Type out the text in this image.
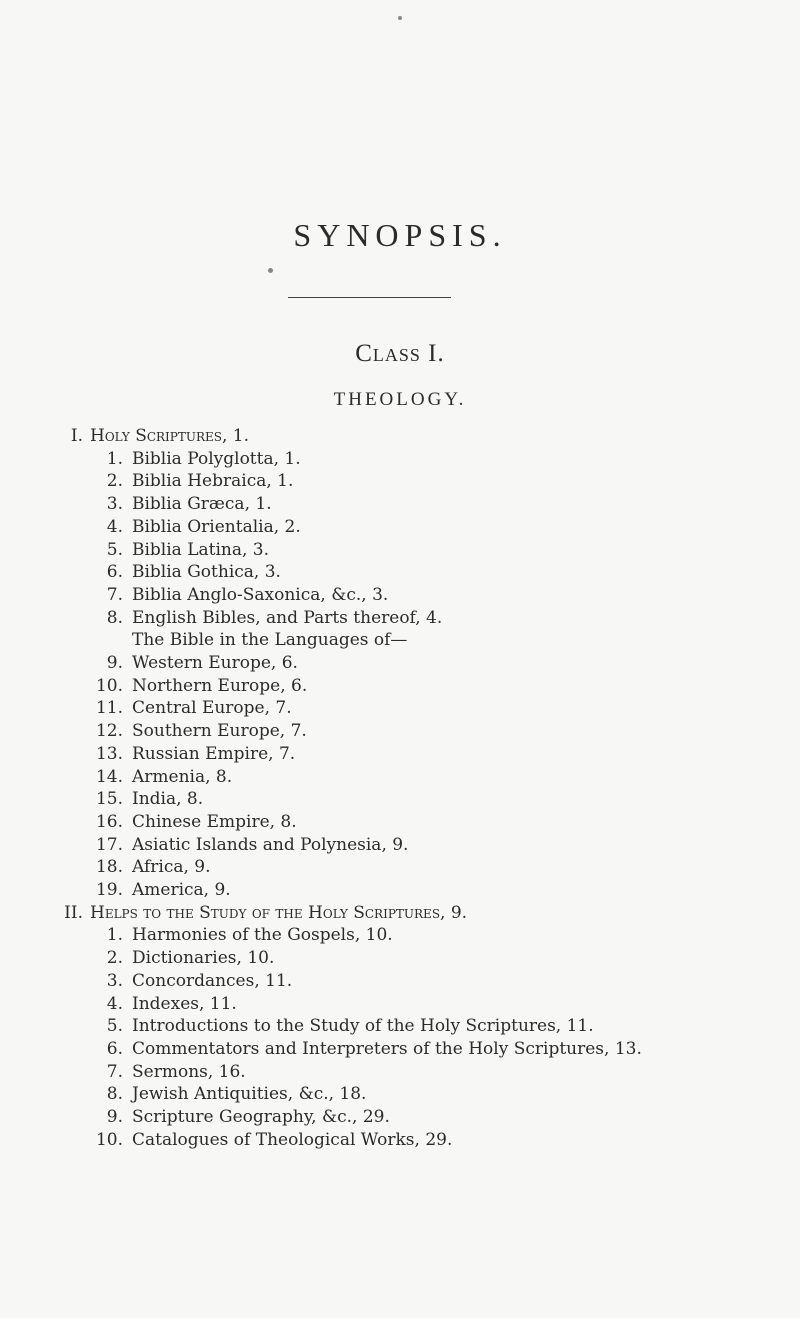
SYNOPSIS.
Class I.
THEOLOGY.
I. Holy Scriptures, 1.
1. Biblia Polyglotta, 1.
2. Biblia Hebraica, 1.
3. Biblia Græca, 1.
4. Biblia Orientalia, 2.
5. Biblia Latina, 3.
6. Biblia Gothica, 3.
7. Biblia Anglo-Saxonica, &c., 3.
8. English Bibles, and Parts thereof, 4.
The Bible in the Languages of—
9. Western Europe, 6.
10. Northern Europe, 6.
11. Central Europe, 7.
12. Southern Europe, 7.
13. Russian Empire, 7.
14. Armenia, 8.
15. India, 8.
16. Chinese Empire, 8.
17. Asiatic Islands and Polynesia, 9.
18. Africa, 9.
19. America, 9.
II. Helps to the Study of the Holy Scriptures, 9.
1. Harmonies of the Gospels, 10.
2. Dictionaries, 10.
3. Concordances, 11.
4. Indexes, 11.
5. Introductions to the Study of the Holy Scriptures, 11.
6. Commentators and Interpreters of the Holy Scriptures, 13.
7. Sermons, 16.
8. Jewish Antiquities, &c., 18.
9. Scripture Geography, &c., 29.
10. Catalogues of Theological Works, 29.
